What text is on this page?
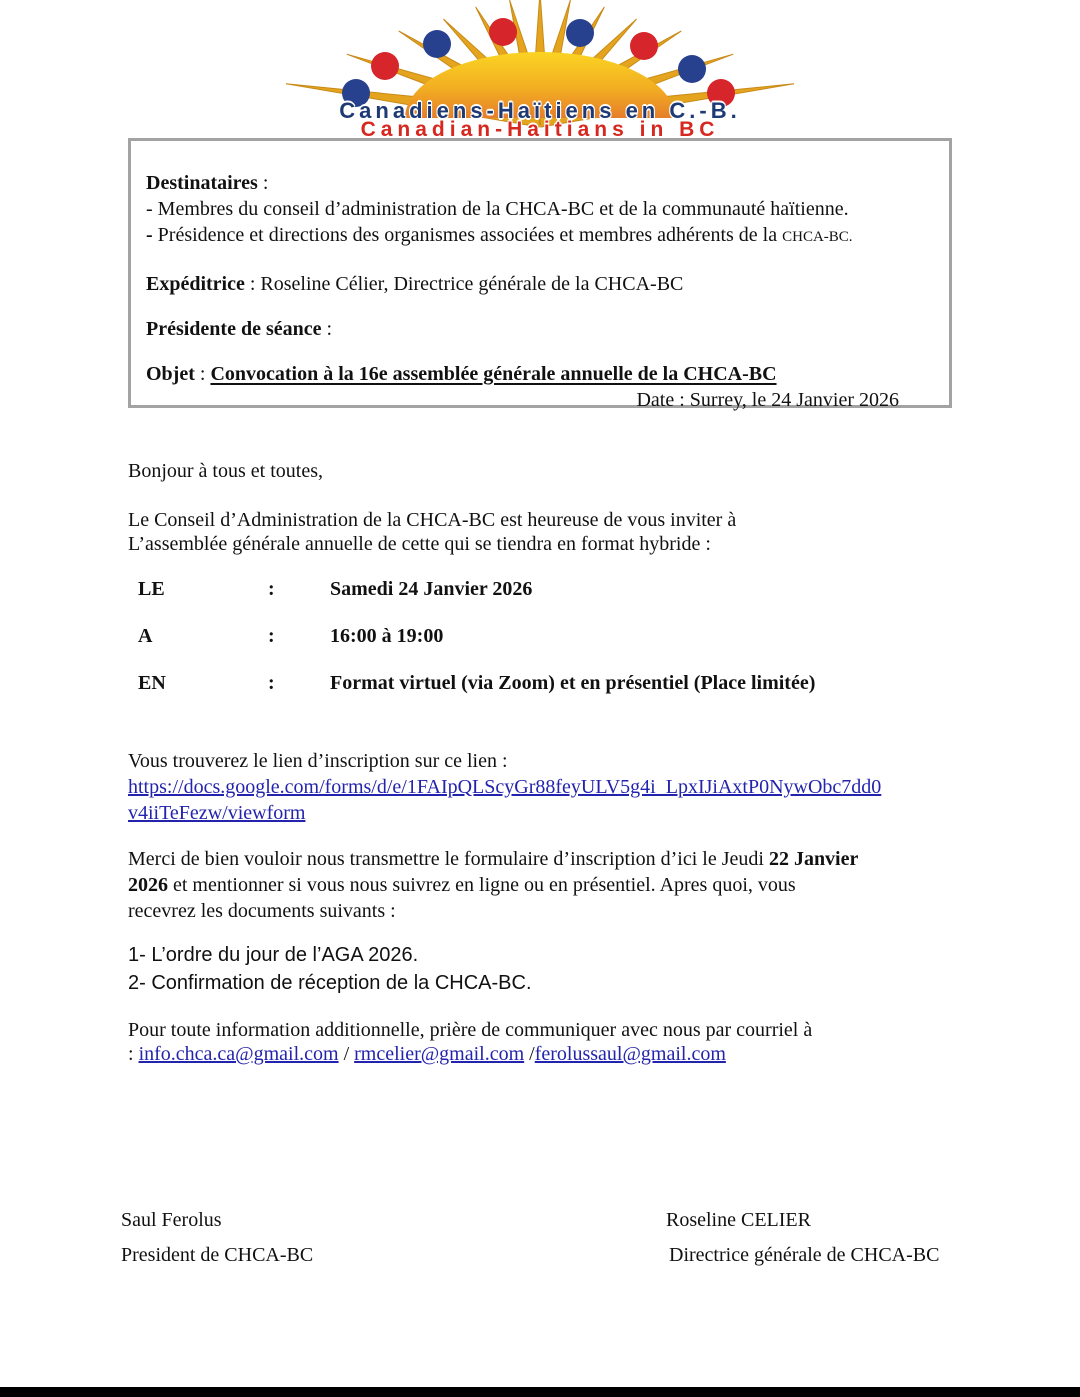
Canadiens-Haïtiens en C.-B.
Canadian-Haitians in BC
Destinataires :
- Membres du conseil d’administration de la CHCA-BC et de la communauté haïtienne.
- Présidence et directions des organismes associées et membres adhérents de la CHCA-BC.
Expéditrice : Roseline Célier, Directrice générale de la CHCA-BC
Présidente de séance :
Objet : Convocation à la 16e assemblée générale annuelle de la CHCA-BC
Date : Surrey, le 24 Janvier 2026
Bonjour à tous et toutes,
Le Conseil d’Administration de la CHCA-BC est heureuse de vous inviter à
L’assemblée générale annuelle de cette qui se tiendra en format hybride :
LE	:	Samedi 24 Janvier 2026
A	:	16:00 à 19:00
EN	:	Format virtuel (via Zoom) et en présentiel (Place limitée)
Vous trouverez le lien d’inscription sur ce lien :
https://docs.google.com/forms/d/e/1FAIpQLScyGr88feyULV5g4i_LpxIJiAxtP0NywObc7dd0
v4iiTeFezw/viewform
Merci de bien vouloir nous transmettre le formulaire d’inscription d’ici le Jeudi 22 Janvier
2026 et mentionner si vous nous suivrez en ligne ou en présentiel. Apres quoi, vous
recevrez les documents suivants :
1- L’ordre du jour de l’AGA 2026.
2- Confirmation de réception de la CHCA-BC.
Pour toute information additionnelle, prière de communiquer avec nous par courriel à
: info.chca.ca@gmail.com / rmcelier@gmail.com /ferolussaul@gmail.com
Saul Ferolus
President de CHCA-BC
Roseline CELIER
Directrice générale de CHCA-BC
